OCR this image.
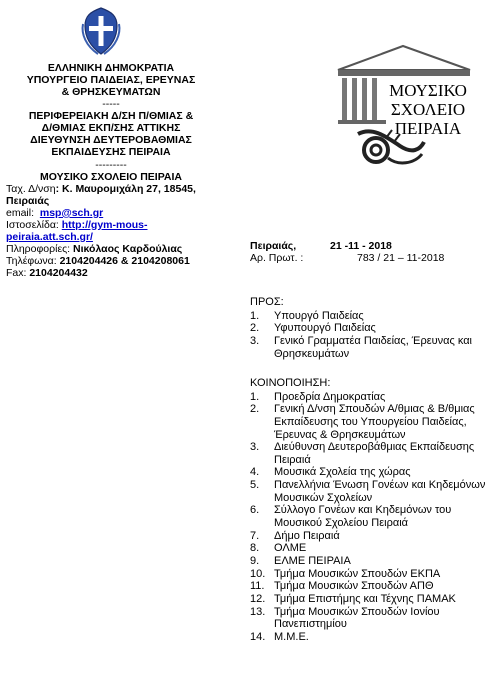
ΕΛΛΗΝΙΚΗ ΔΗΜΟΚΡΑΤΙΑ
ΥΠΟΥΡΓΕΙΟ ΠΑΙΔΕΙΑΣ, ΕΡΕΥΝΑΣ
& ΘΡΗΣΚΕΥΜΑΤΩΝ
-----
ΠΕΡΙΦΕΡΕΙΑΚΗ Δ/ΣΗ Π/ΘΜΙΑΣ &
Δ/ΘΜΙΑΣ ΕΚΠ/ΣΗΣ ΑΤΤΙΚΗΣ
ΔΙΕΥΘΥΝΣΗ ΔΕΥΤΕΡΟΒΑΘΜΙΑΣ
ΕΚΠΑΙΔΕΥΣΗΣ ΠΕΙΡΑΙΑ
---------
ΜΟΥΣΙΚΟ ΣΧΟΛΕΙΟ ΠΕΙΡΑΙΑ
Ταχ. Δ/νση: Κ. Μαυρομιχάλη 27, 18545,
Πειραιάς
email: msp@sch.gr
Ιστοσελίδα: http://gym-mous-
peiraia.att.sch.gr/
Πληροφορίες: Νικόλαος Καρδούλιας
Τηλέφωνα: 2104204426 & 2104208061
Fax: 2104204432
ΜΟΥΣΙΚΟ
ΣΧΟΛΕΙΟ
ΠΕΙΡΑΙΑ
Πειραιάς,	21 -11 - 2018
Αρ. Πρωτ. :	783 / 21 – 11-2018
ΠΡΟΣ:
1.	Υπουργό Παιδείας
2.	Υφυπουργό Παιδείας
3.	Γενικό Γραμματέα Παιδείας, Έρευνας και Θρησκευμάτων
ΚΟΙΝΟΠΟΙΗΣΗ:
1.	Προεδρία Δημοκρατίας
2.	Γενική Δ/νση Σπουδών Α/θμιας & Β/θμιας Εκπαίδευσης του Υπουργείου Παιδείας, Έρευνας & Θρησκευμάτων
3.	Διεύθυνση Δευτεροβάθμιας Εκπαίδευσης Πειραιά
4.	Μουσικά Σχολεία της χώρας
5.	Πανελλήνια Ένωση Γονέων και Κηδεμόνων Μουσικών Σχολείων
6.	Σύλλογο Γονέων και Κηδεμόνων του Μουσικού Σχολείου Πειραιά
7.	Δήμο Πειραιά
8.	ΟΛΜΕ
9.	ΕΛΜΕ ΠΕΙΡΑΙΑ
10. Τμήμα Μουσικών Σπουδών ΕΚΠΑ
11. Τμήμα Μουσικών Σπουδών ΑΠΘ
12. Τμήμα Επιστήμης και Τέχνης ΠΑΜΑΚ
13. Τμήμα Μουσικών Σπουδών Ιονίου Πανεπιστημίου
14. Μ.Μ.Ε.
